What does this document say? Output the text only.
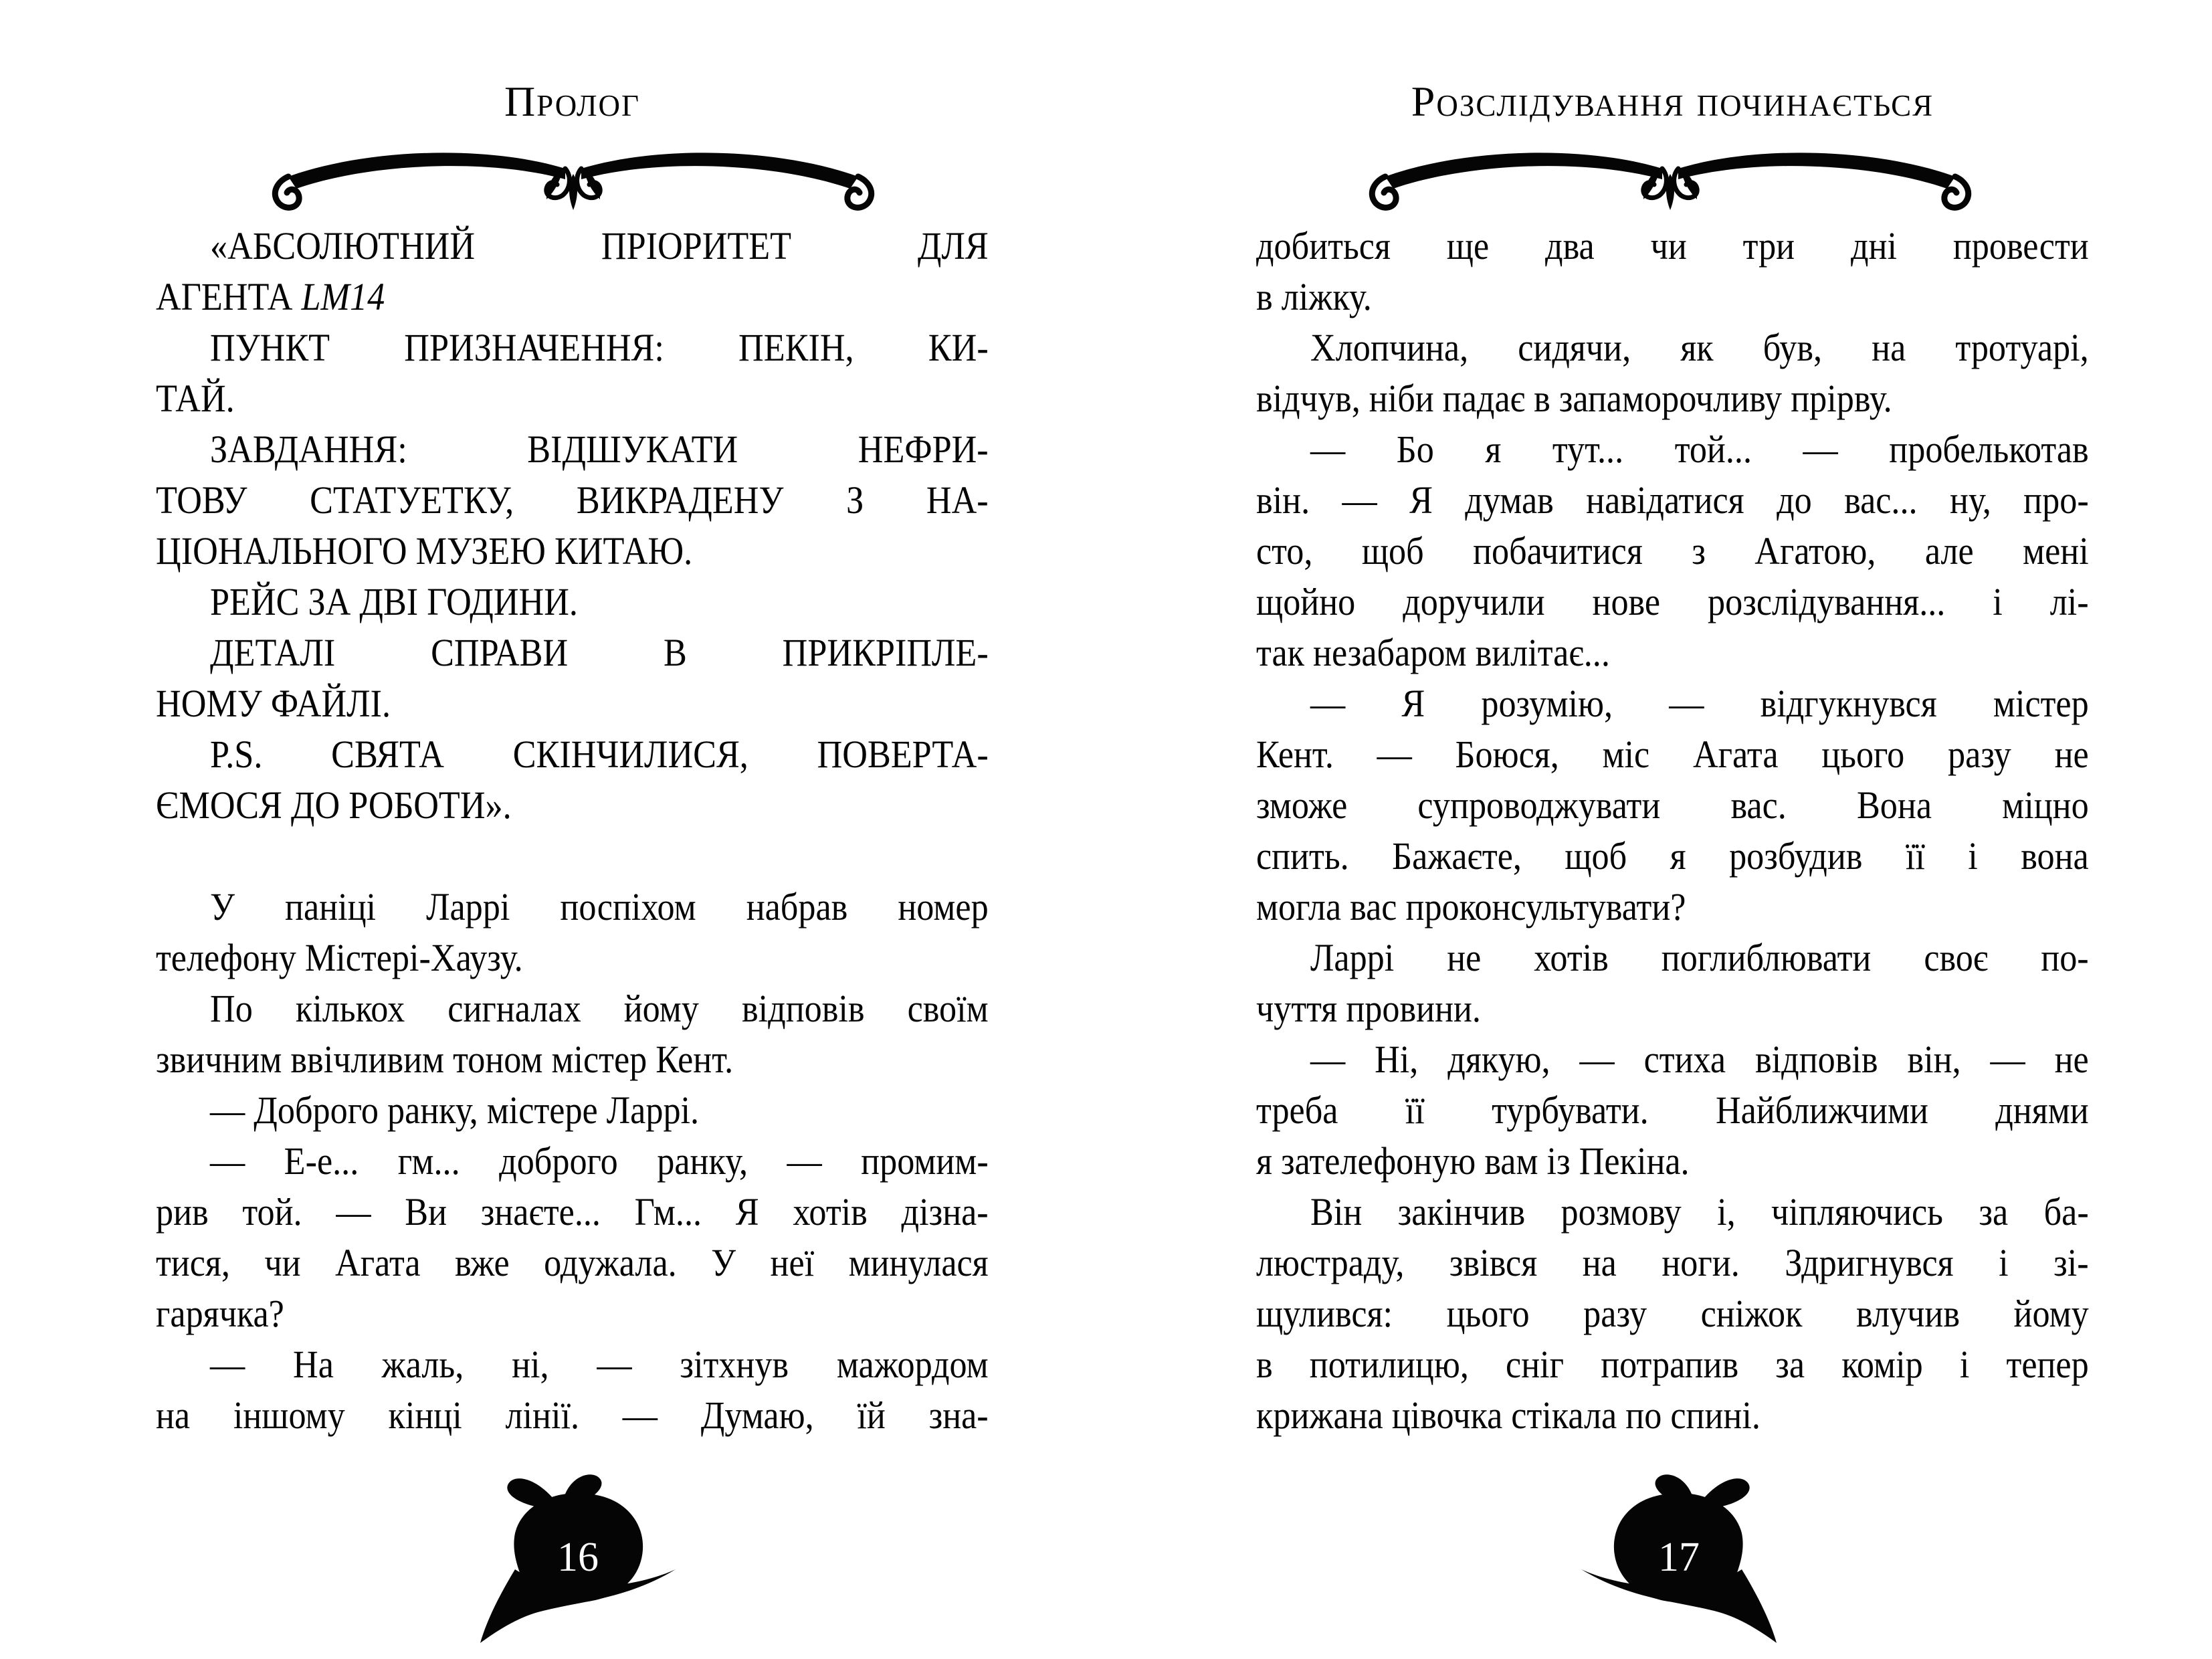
Пролог	Розслідування починається
«АБСОЛЮТНИЙ ПРІОРИТЕТ ДЛЯ
АГЕНТА LM14
ПУНКТ ПРИЗНАЧЕННЯ: ПЕКІН, КИ-
ТАЙ.
ЗАВДАННЯ: ВІДШУКАТИ НЕФРИ-
ТОВУ СТАТУЕТКУ, ВИКРАДЕНУ З НА-
ЦІОНАЛЬНОГО МУЗЕЮ КИТАЮ.
РЕЙС ЗА ДВІ ГОДИНИ.
ДЕТАЛІ СПРАВИ В ПРИКРІПЛЕ-
НОМУ ФАЙЛІ.
P.S. СВЯТА СКІНЧИЛИСЯ, ПОВЕРТА-
ЄМОСЯ ДО РОБОТИ».
У паніці Ларрі поспіхом набрав номер
телефону Містері-Хаузу.
По кількох сигналах йому відповів своїм
звичним ввічливим тоном містер Кент.
— Доброго ранку, містере Ларрі.
— Е-е... гм... доброго ранку, — промим-
рив той. — Ви знаєте... Гм... Я хотів дізна-
тися, чи Агата вже одужала. У неї минулася
гарячка?
— На жаль, ні, — зітхнув мажордом
на іншому кінці лінії. — Думаю, їй зна-
добиться ще два чи три дні провести
в ліжку.
Хлопчина, сидячи, як був, на тротуарі,
відчув, ніби падає в запаморочливу прірву.
— Бо я тут... той... — пробелькотав
він. — Я думав навідатися до вас... ну, про-
сто, щоб побачитися з Агатою, але мені
щойно доручили нове розслідування... і лі-
так незабаром вилітає...
— Я розумію, — відгукнувся містер
Кент. — Боюся, міс Агата цього разу не
зможе супроводжувати вас. Вона міцно
спить. Бажаєте, щоб я розбудив її і вона
могла вас проконсультувати?
Ларрі не хотів поглиблювати своє по-
чуття провини.
— Ні, дякую, — стиха відповів він, — не
треба її турбувати. Найближчими днями
я зателефоную вам із Пекіна.
Він закінчив розмову і, чіпляючись за ба-
люстраду, звівся на ноги. Здригнувся і зі-
щулився: цього разу сніжок влучив йому
в потилицю, сніг потрапив за комір і тепер
крижана цівочка стікала по спині.
16	17
